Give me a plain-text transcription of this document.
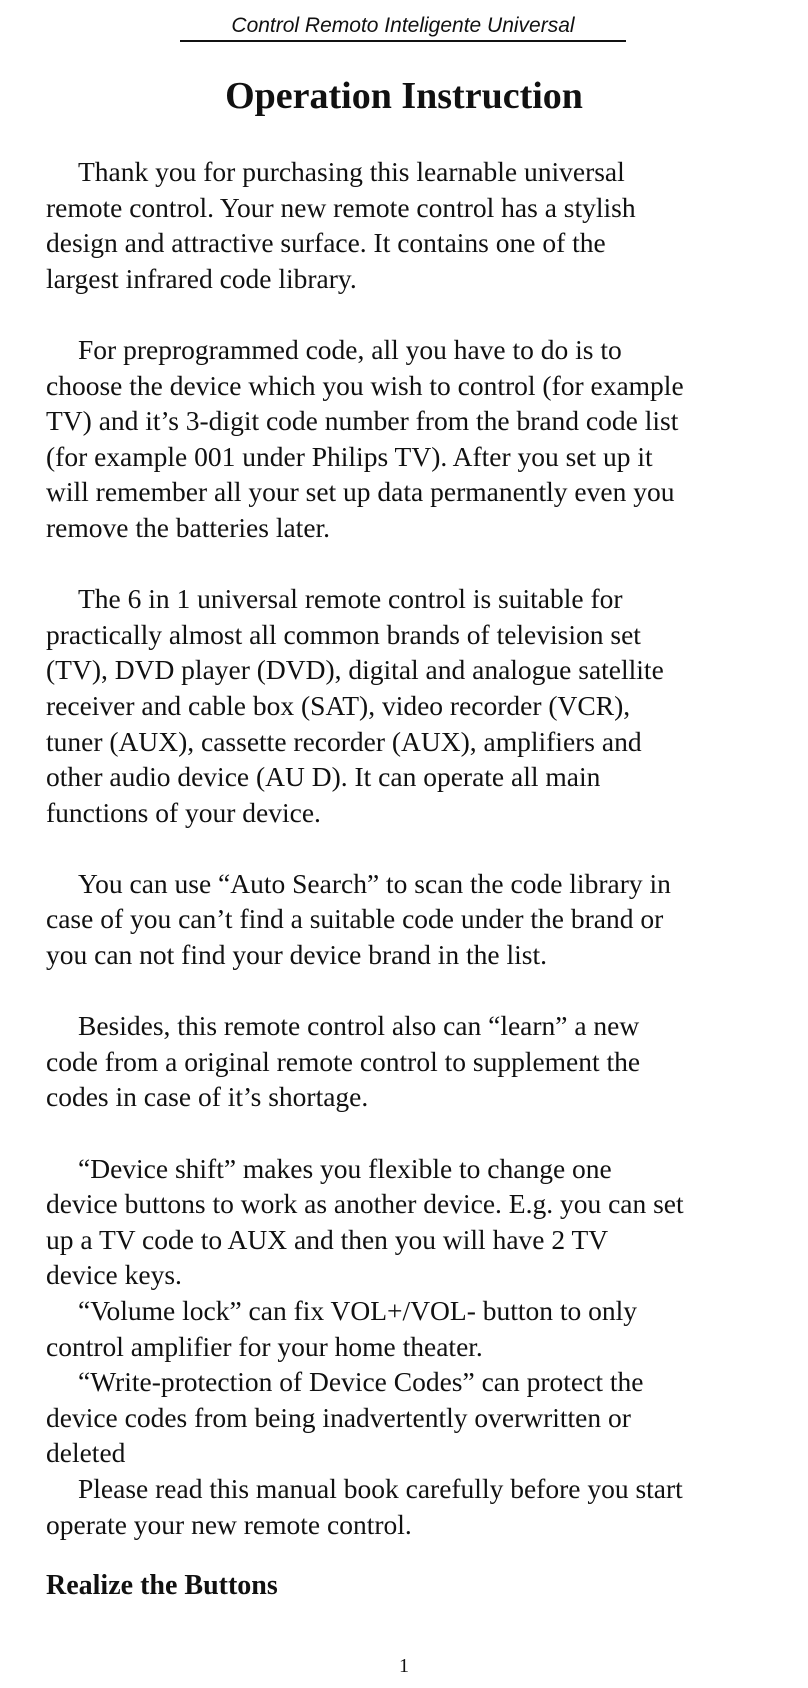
Control Remoto Inteligente Universal
Operation Instruction

Thank you for purchasing this learnable universal
remote control. Your new remote control has a stylish
design and attractive surface. It contains one of the
largest infrared code library.

For preprogrammed code, all you have to do is to
choose the device which you wish to control (for example
TV) and it’s 3-digit code number from the brand code list
(for example 001 under Philips TV). After you set up it
will remember all your set up data permanently even you
remove the batteries later.

The 6 in 1 universal remote control is suitable for
practically almost all common brands of television set
(TV), DVD player (DVD), digital and analogue satellite
receiver and cable box (SAT), video recorder (VCR),
tuner (AUX), cassette recorder (AUX), amplifiers and
other audio device (AU D). It can operate all main
functions of your device.

You can use “Auto Search” to scan the code library in
case of you can’t find a suitable code under the brand or
you can not find your device brand in the list.

Besides, this remote control also can “learn” a new
code from a original remote control to supplement the
codes in case of it’s shortage.

“Device shift” makes you flexible to change one
device buttons to work as another device. E.g. you can set
up a TV code to AUX and then you will have 2 TV
device keys.

“Volume lock” can fix VOL+/VOL- button to only
control amplifier for your home theater.

“Write-protection of Device Codes” can protect the
device codes from being inadvertently overwritten or
deleted

Please read this manual book carefully before you start
operate your new remote control.

Realize the Buttons
1
